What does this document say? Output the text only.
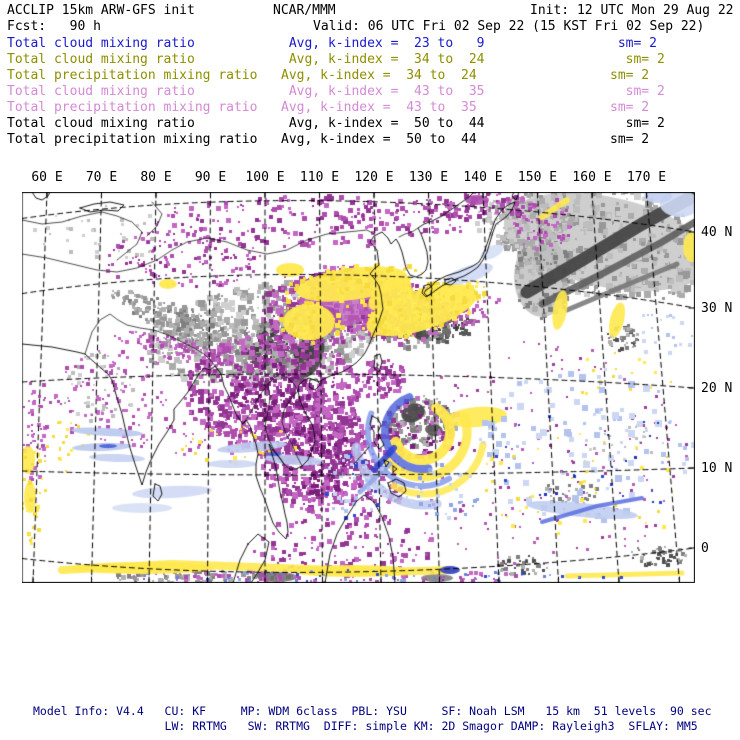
ACCLIP 15km ARW-GFS init	NCAR/MMM	Init: 12 UTC Mon 29 Aug 22
Fcst:   90 h	Valid: 06 UTC Fri 02 Sep 22 (15 KST Fri 02 Sep 22)
Total cloud mixing ratio	Avg, k-index =  23 to   9	sm= 2
Total cloud mixing ratio	Avg, k-index =  34 to  24	sm= 2
Total precipitation mixing ratio Avg, k-index =  34 to  24	sm= 2
Total cloud mixing ratio	Avg, k-index =  43 to  35	sm= 2
Total precipitation mixing ratio Avg, k-index =  43 to  35	sm= 2
Total cloud mixing ratio	Avg, k-index =  50 to  44	sm= 2
Total precipitation mixing ratio Avg, k-index =  50 to  44	sm= 2
60 E 70 E 80 E 90 E 100 E 110 E 120 E 130 E 140 E 150 E 160 E 170 E
40 N
30 N
20 N
10 N
0
Model Info: V4.4   CU: KF     MP: WDM 6class  PBL: YSU     SF: Noah LSM   15 km  51 levels  90 sec
LW: RRTMG   SW: RRTMG  DIFF: simple KM: 2D Smagor DAMP: Rayleigh3  SFLAY: MM5
